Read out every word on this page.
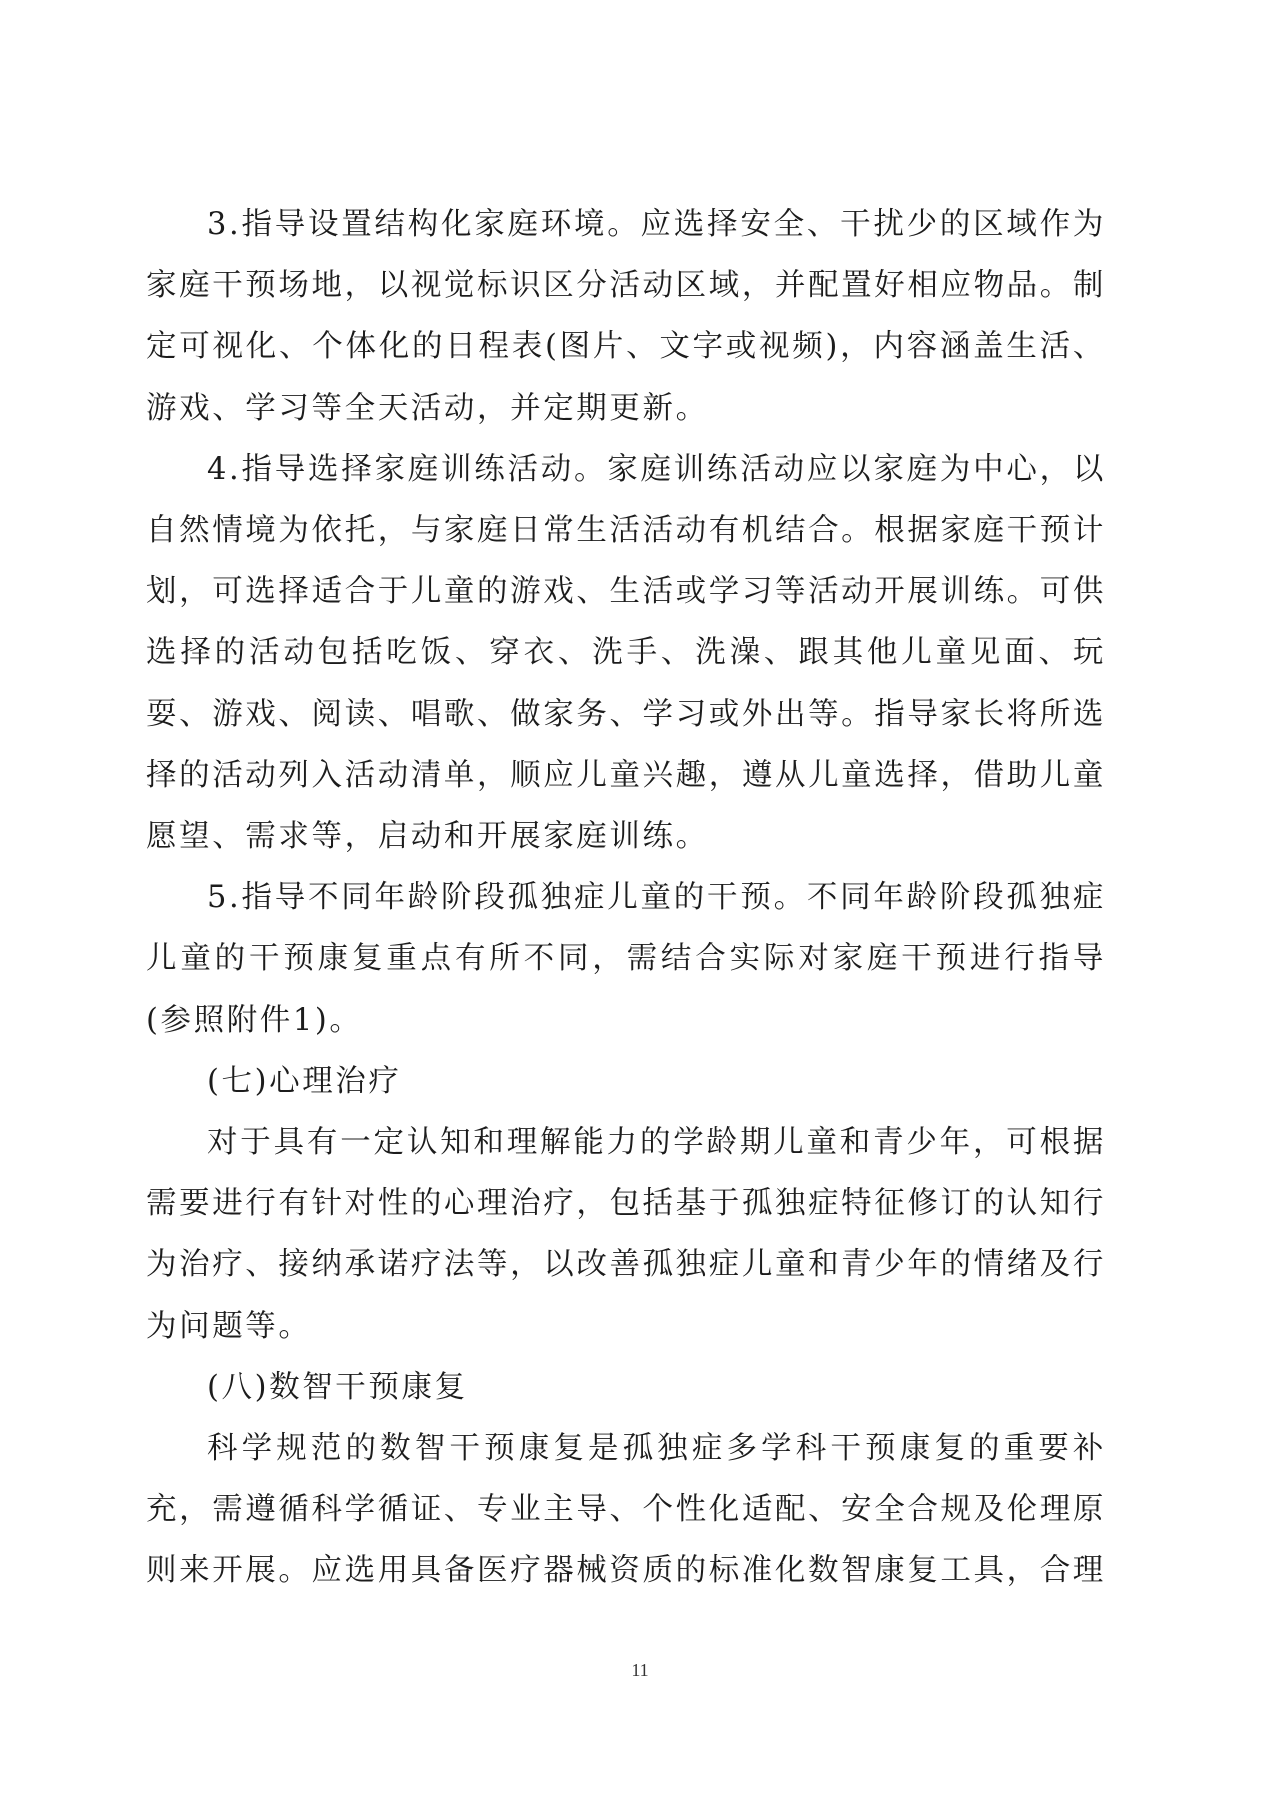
3.指导设置结构化家庭环境。应选择安全、干扰少的区域作为家庭干预场地，以视觉标识区分活动区域，并配置好相应物品。制定可视化、个体化的日程表(图片、文字或视频)，内容涵盖生活、游戏、学习等全天活动，并定期更新。

4.指导选择家庭训练活动。家庭训练活动应以家庭为中心，以自然情境为依托，与家庭日常生活活动有机结合。根据家庭干预计划，可选择适合于儿童的游戏、生活或学习等活动开展训练。可供选择的活动包括吃饭、穿衣、洗手、洗澡、跟其他儿童见面、玩耍、游戏、阅读、唱歌、做家务、学习或外出等。指导家长将所选择的活动列入活动清单，顺应儿童兴趣，遵从儿童选择，借助儿童愿望、需求等，启动和开展家庭训练。

5.指导不同年龄阶段孤独症儿童的干预。不同年龄阶段孤独症儿童的干预康复重点有所不同，需结合实际对家庭干预进行指导(参照附件1)。

(七)心理治疗

对于具有一定认知和理解能力的学龄期儿童和青少年，可根据需要进行有针对性的心理治疗，包括基于孤独症特征修订的认知行为治疗、接纳承诺疗法等，以改善孤独症儿童和青少年的情绪及行为问题等。

(八)数智干预康复

科学规范的数智干预康复是孤独症多学科干预康复的重要补充，需遵循科学循证、专业主导、个性化适配、安全合规及伦理原则来开展。应选用具备医疗器械资质的标准化数智康复工具，合理

11
